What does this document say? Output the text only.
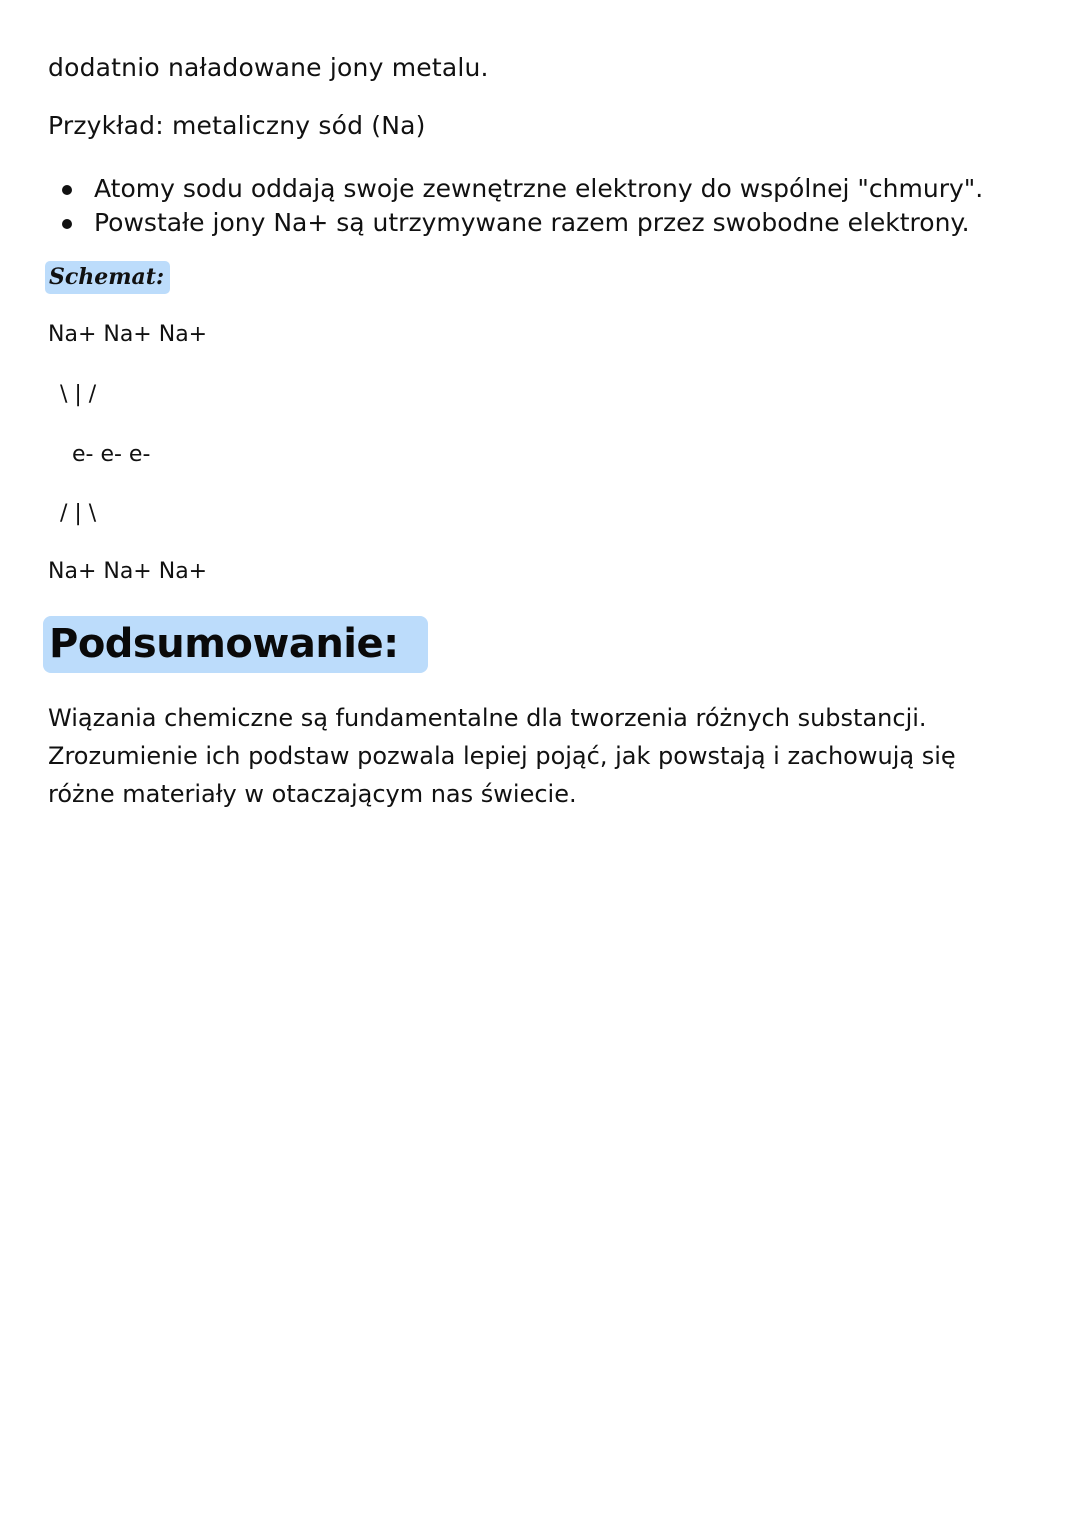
dodatnio naładowane jony metalu.
Przykład: metaliczny sód (Na)
Atomy sodu oddają swoje zewnętrzne elektrony do wspólnej "chmury".
Powstałe jony Na+ są utrzymywane razem przez swobodne elektrony.
Schemat:
Na+ Na+ Na+
\ | /
e- e- e-
/ | \
Na+ Na+ Na+
Podsumowanie:
Wiązania chemiczne są fundamentalne dla tworzenia różnych substancji.
Zrozumienie ich podstaw pozwala lepiej pojąć, jak powstają i zachowują się
różne materiały w otaczającym nas świecie.
